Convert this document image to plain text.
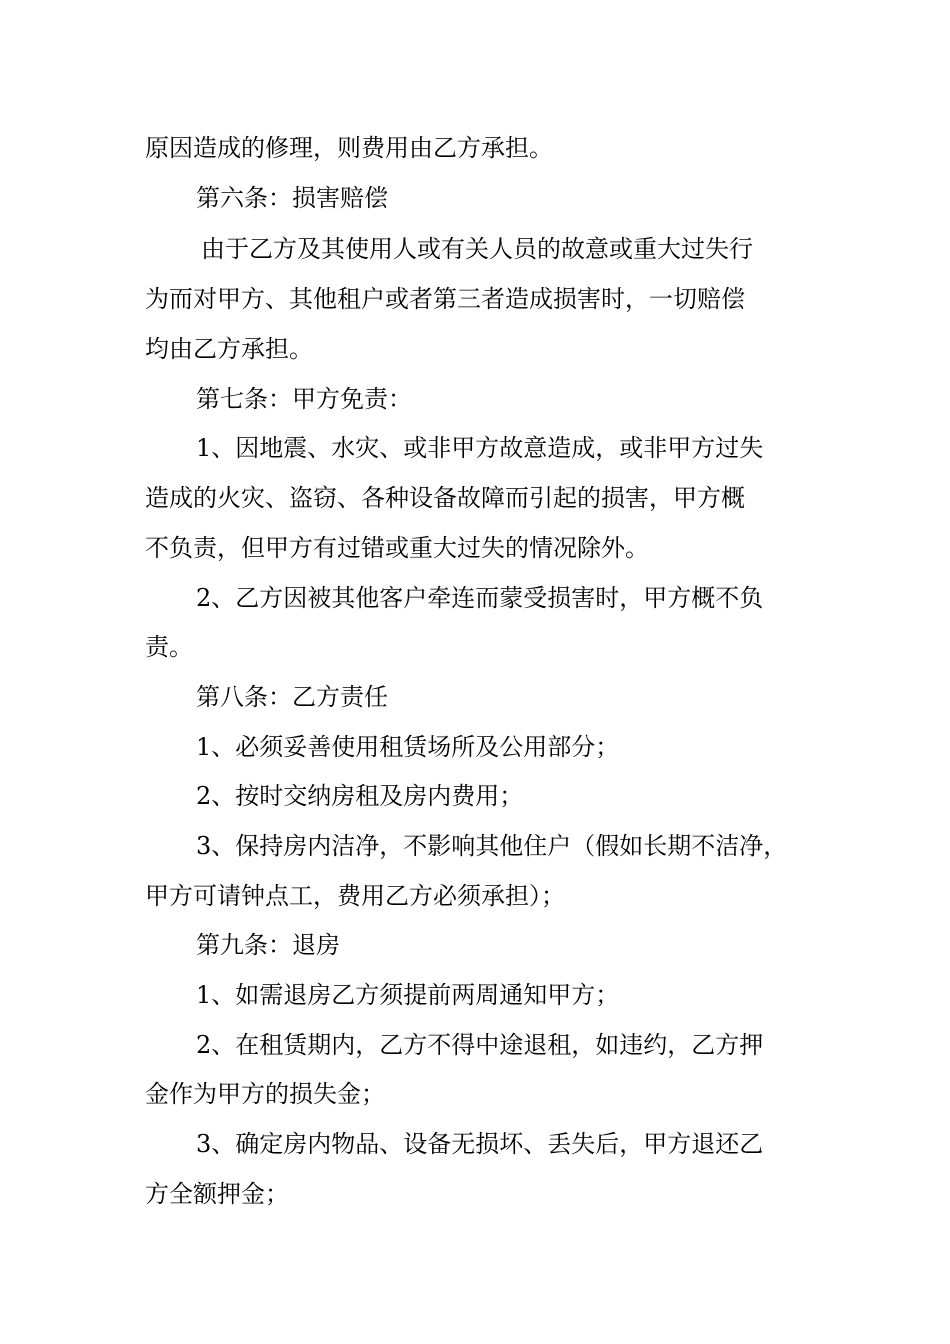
原因造成的修理，则费用由乙方承担。
第六条：损害赔偿
由于乙方及其使用人或有关人员的故意或重大过失行
为而对甲方、其他租户或者第三者造成损害时，一切赔偿
均由乙方承担。
第七条：甲方免责：
1、因地震、水灾、或非甲方故意造成，或非甲方过失
造成的火灾、盗窃、各种设备故障而引起的损害，甲方概
不负责，但甲方有过错或重大过失的情况除外。
2、乙方因被其他客户牵连而蒙受损害时，甲方概不负
责。
第八条：乙方责任
1、必须妥善使用租赁场所及公用部分；
2、按时交纳房租及房内费用；
3、保持房内洁净，不影响其他住户（假如长期不洁净，
甲方可请钟点工，费用乙方必须承担）；
第九条：退房
1、如需退房乙方须提前两周通知甲方；
2、在租赁期内，乙方不得中途退租，如违约，乙方押
金作为甲方的损失金；
3、确定房内物品、设备无损坏、丢失后，甲方退还乙
方全额押金；
